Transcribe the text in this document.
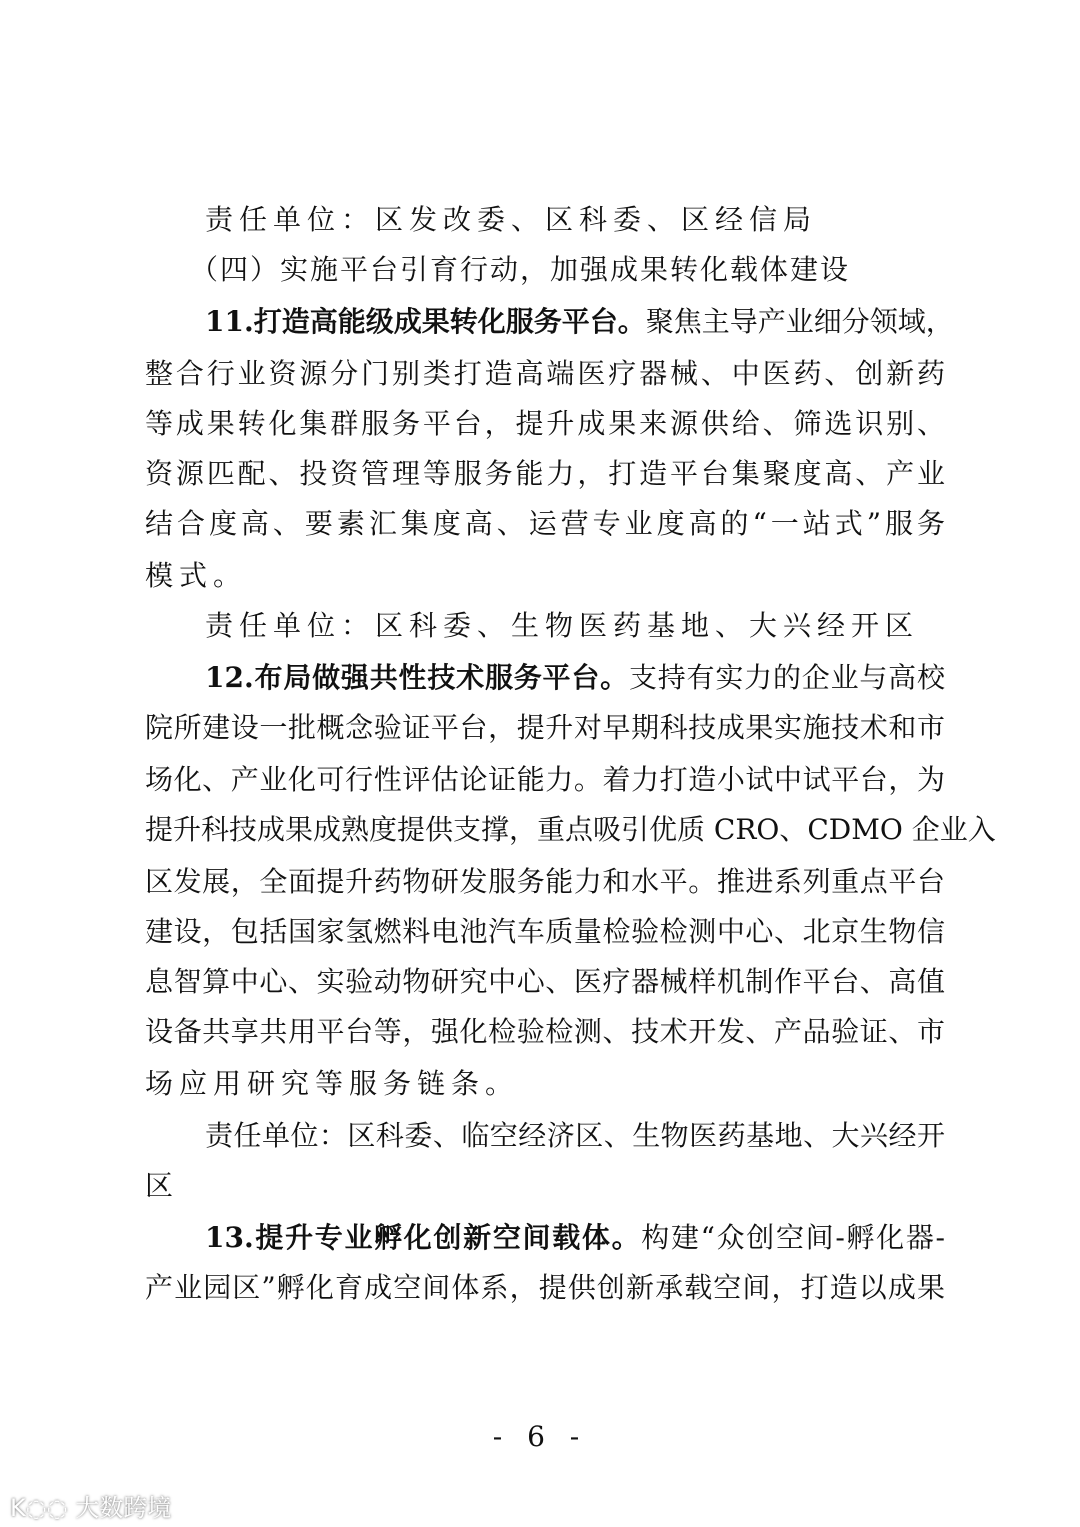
责任单位：区发改委、区科委、区经信局
（四）实施平台引育行动，加强成果转化载体建设
11.打造高能级成果转化服务平台。聚焦主导产业细分领域，
整合行业资源分门别类打造高端医疗器械、中医药、创新药
等成果转化集群服务平台，提升成果来源供给、筛选识别、
资源匹配、投资管理等服务能力，打造平台集聚度高、产业
结合度高、要素汇集度高、运营专业度高的“一站式”服务
模式。
责任单位：区科委、生物医药基地、大兴经开区
12.布局做强共性技术服务平台。支持有实力的企业与高校
院所建设一批概念验证平台，提升对早期科技成果实施技术和市
场化、产业化可行性评估论证能力。着力打造小试中试平台，为
提升科技成果成熟度提供支撑，重点吸引优质 CRO、CDMO 企业入
区发展，全面提升药物研发服务能力和水平。推进系列重点平台
建设，包括国家氢燃料电池汽车质量检验检测中心、北京生物信
息智算中心、实验动物研究中心、医疗器械样机制作平台、高值
设备共享共用平台等，强化检验检测、技术开发、产品验证、市
场应用研究等服务链条。
责任单位：区科委、临空经济区、生物医药基地、大兴经开
区
13.提升专业孵化创新空间载体。构建“众创空间-孵化器-
产业园区”孵化育成空间体系，提供创新承载空间，打造以成果
- 6 -
K◌◌ 大数跨境
